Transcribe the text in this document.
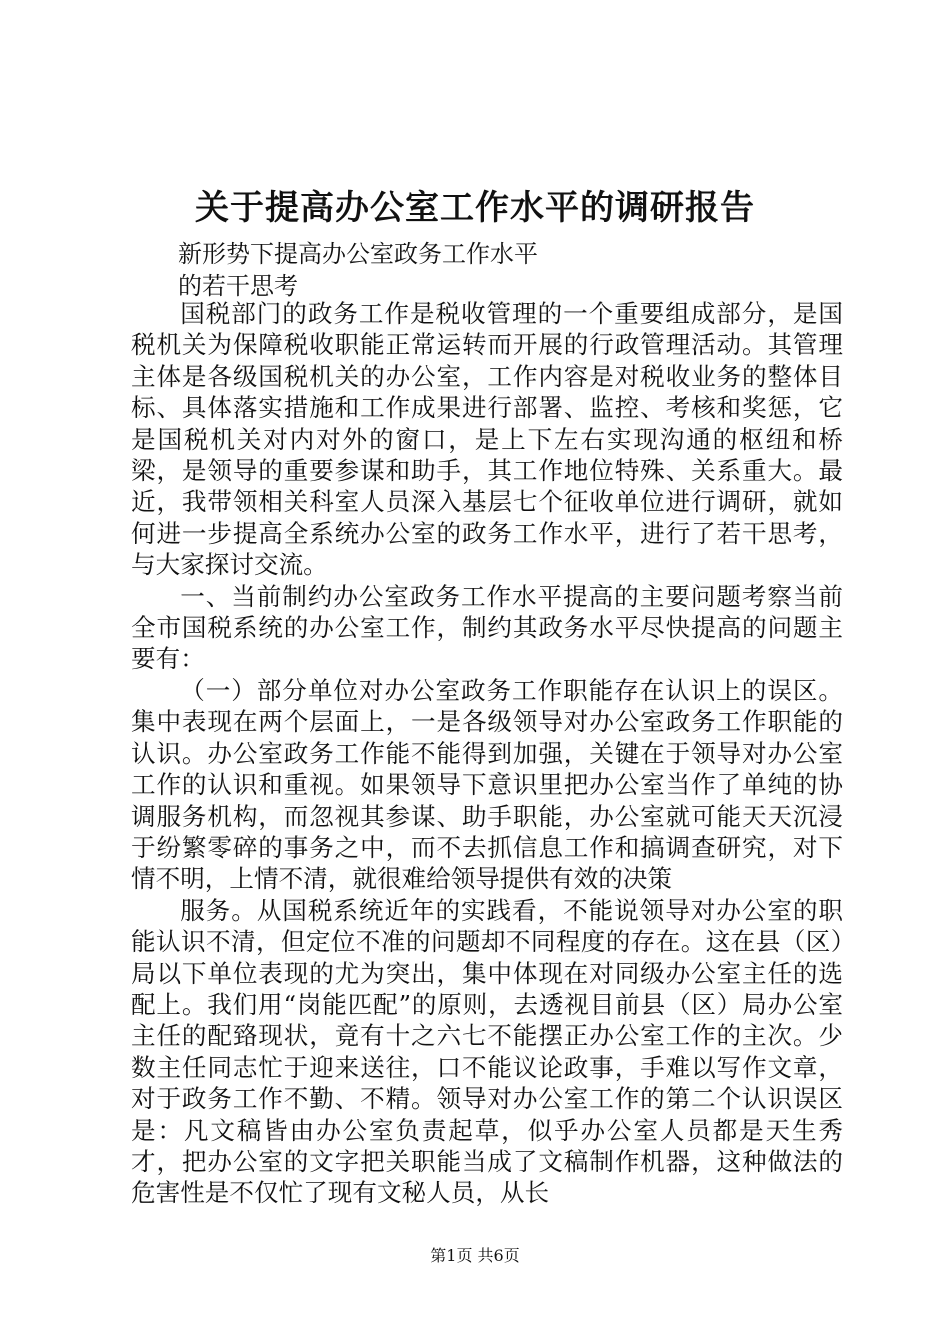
关于提高办公室工作水平的调研报告
新形势下提高办公室政务工作水平
的若干思考

国税部门的政务工作是税收管理的一个重要组成部分，是国税机关为保障税收职能正常运转而开展的行政管理活动。其管理主体是各级国税机关的办公室，工作内容是对税收业务的整体目标、具体落实措施和工作成果进行部署、监控、考核和奖惩，它是国税机关对内对外的窗口，是上下左右实现沟通的枢纽和桥梁，是领导的重要参谋和助手，其工作地位特殊、关系重大。最近，我带领相关科室人员深入基层七个征收单位进行调研，就如何进一步提高全系统办公室的政务工作水平，进行了若干思考，与大家探讨交流。

一、当前制约办公室政务工作水平提高的主要问题考察当前全市国税系统的办公室工作，制约其政务水平尽快提高的问题主要有：

（一）部分单位对办公室政务工作职能存在认识上的误区。集中表现在两个层面上，一是各级领导对办公室政务工作职能的认识。办公室政务工作能不能得到加强，关键在于领导对办公室工作的认识和重视。如果领导下意识里把办公室当作了单纯的协调服务机构，而忽视其参谋、助手职能，办公室就可能天天沉浸于纷繁零碎的事务之中，而不去抓信息工作和搞调查研究，对下情不明，上情不清，就很难给领导提供有效的决策

服务。从国税系统近年的实践看，不能说领导对办公室的职能认识不清，但定位不准的问题却不同程度的存在。这在县（区）局以下单位表现的尤为突出，集中体现在对同级办公室主任的选配上。我们用“岗能匹配”的原则，去透视目前县（区）局办公室主任的配臵现状，竟有十之六七不能摆正办公室工作的主次。少数主任同志忙于迎来送往，口不能议论政事，手难以写作文章，对于政务工作不勤、不精。领导对办公室工作的第二个认识误区是：凡文稿皆由办公室负责起草，似乎办公室人员都是天生秀才，把办公室的文字把关职能当成了文稿制作机器，这种做法的危害性是不仅忙了现有文秘人员，从长

第1页 共6页
